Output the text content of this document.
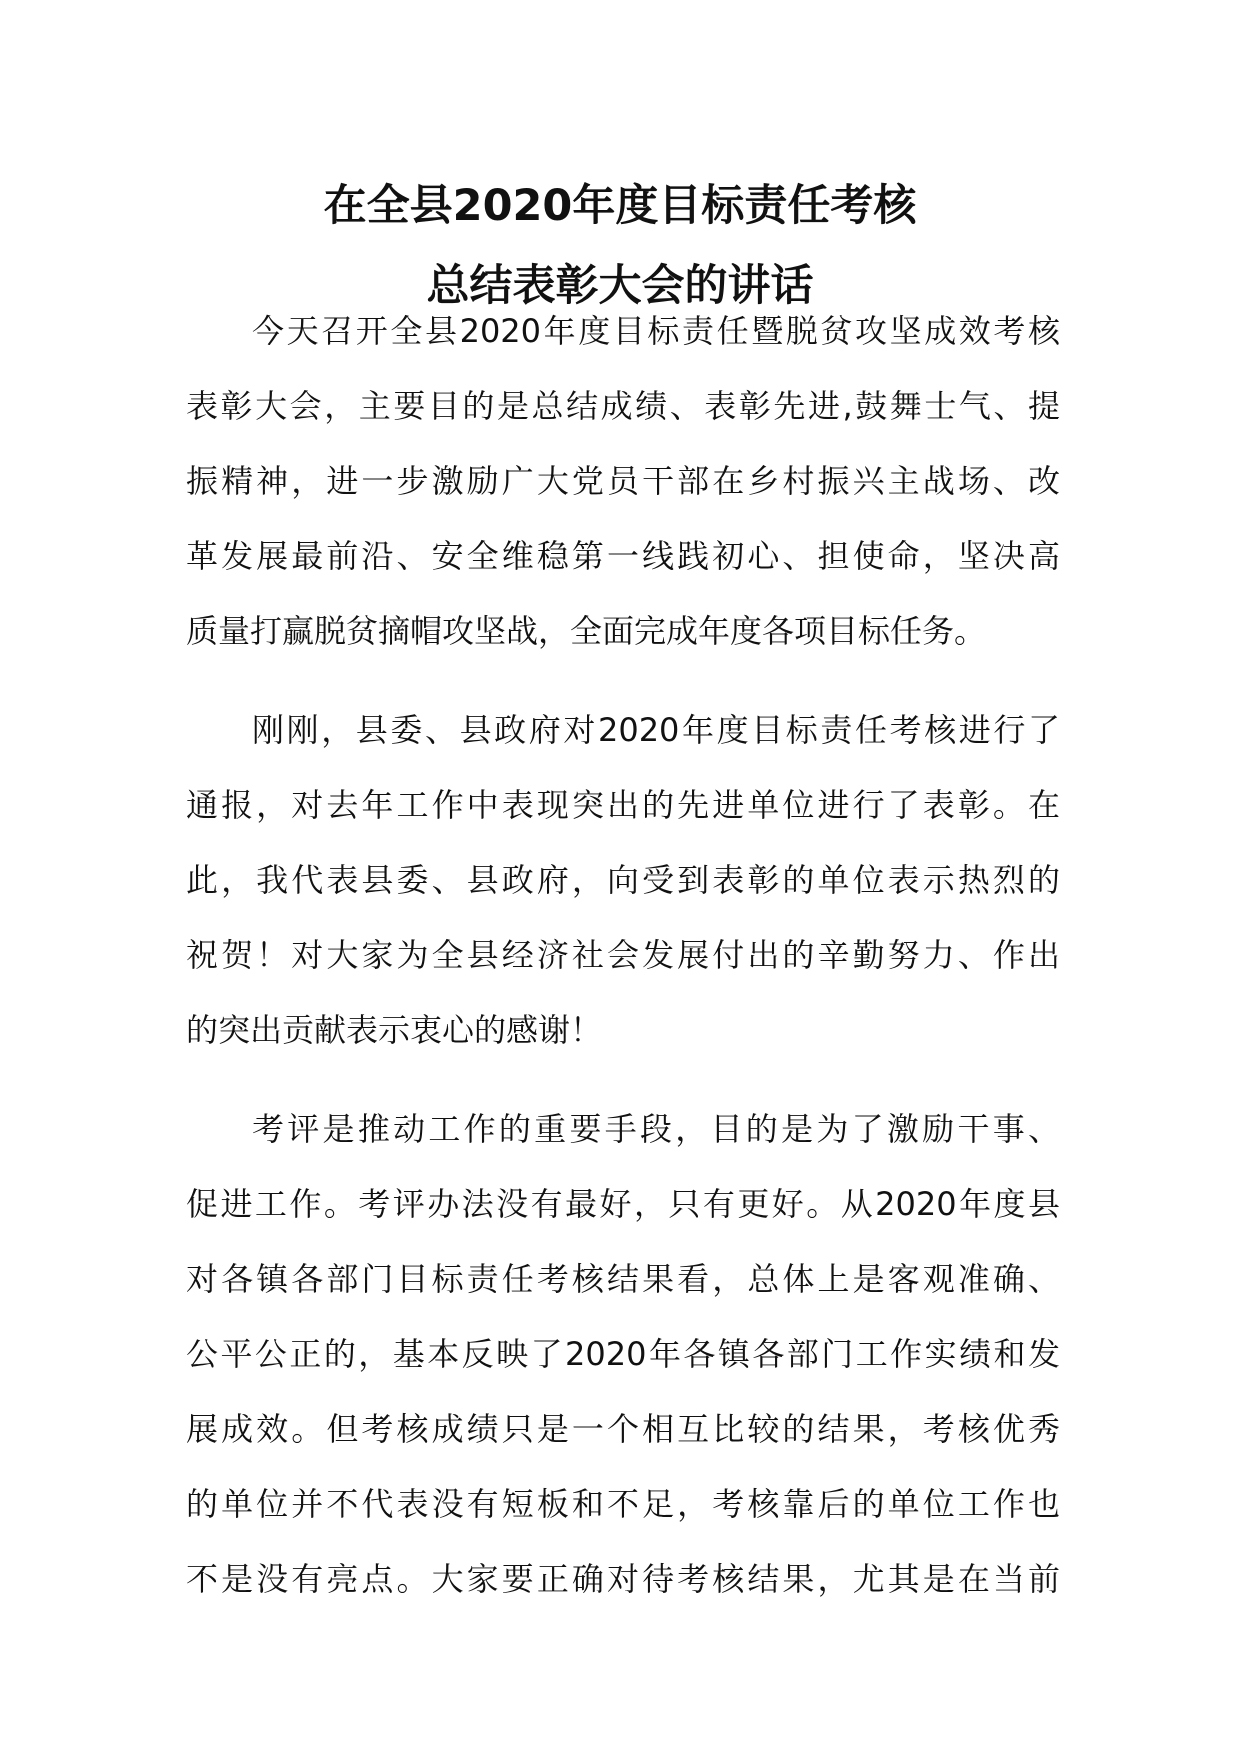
在全县2020年度目标责任考核
总结表彰大会的讲话
今天召开全县2020年度目标责任暨脱贫攻坚成效考核
表彰大会，主要目的是总结成绩、表彰先进,鼓舞士气、提
振精神，进一步激励广大党员干部在乡村振兴主战场、改
革发展最前沿、安全维稳第一线践初心、担使命，坚决高
质量打赢脱贫摘帽攻坚战，全面完成年度各项目标任务。
刚刚，县委、县政府对2020年度目标责任考核进行了
通报，对去年工作中表现突出的先进单位进行了表彰。在
此，我代表县委、县政府，向受到表彰的单位表示热烈的
祝贺！对大家为全县经济社会发展付出的辛勤努力、作出
的突出贡献表示衷心的感谢！
考评是推动工作的重要手段，目的是为了激励干事、
促进工作。考评办法没有最好，只有更好。从2020年度县
对各镇各部门目标责任考核结果看，总体上是客观准确、
公平公正的，基本反映了2020年各镇各部门工作实绩和发
展成效。但考核成绩只是一个相互比较的结果，考核优秀
的单位并不代表没有短板和不足，考核靠后的单位工作也
不是没有亮点。大家要正确对待考核结果，尤其是在当前
